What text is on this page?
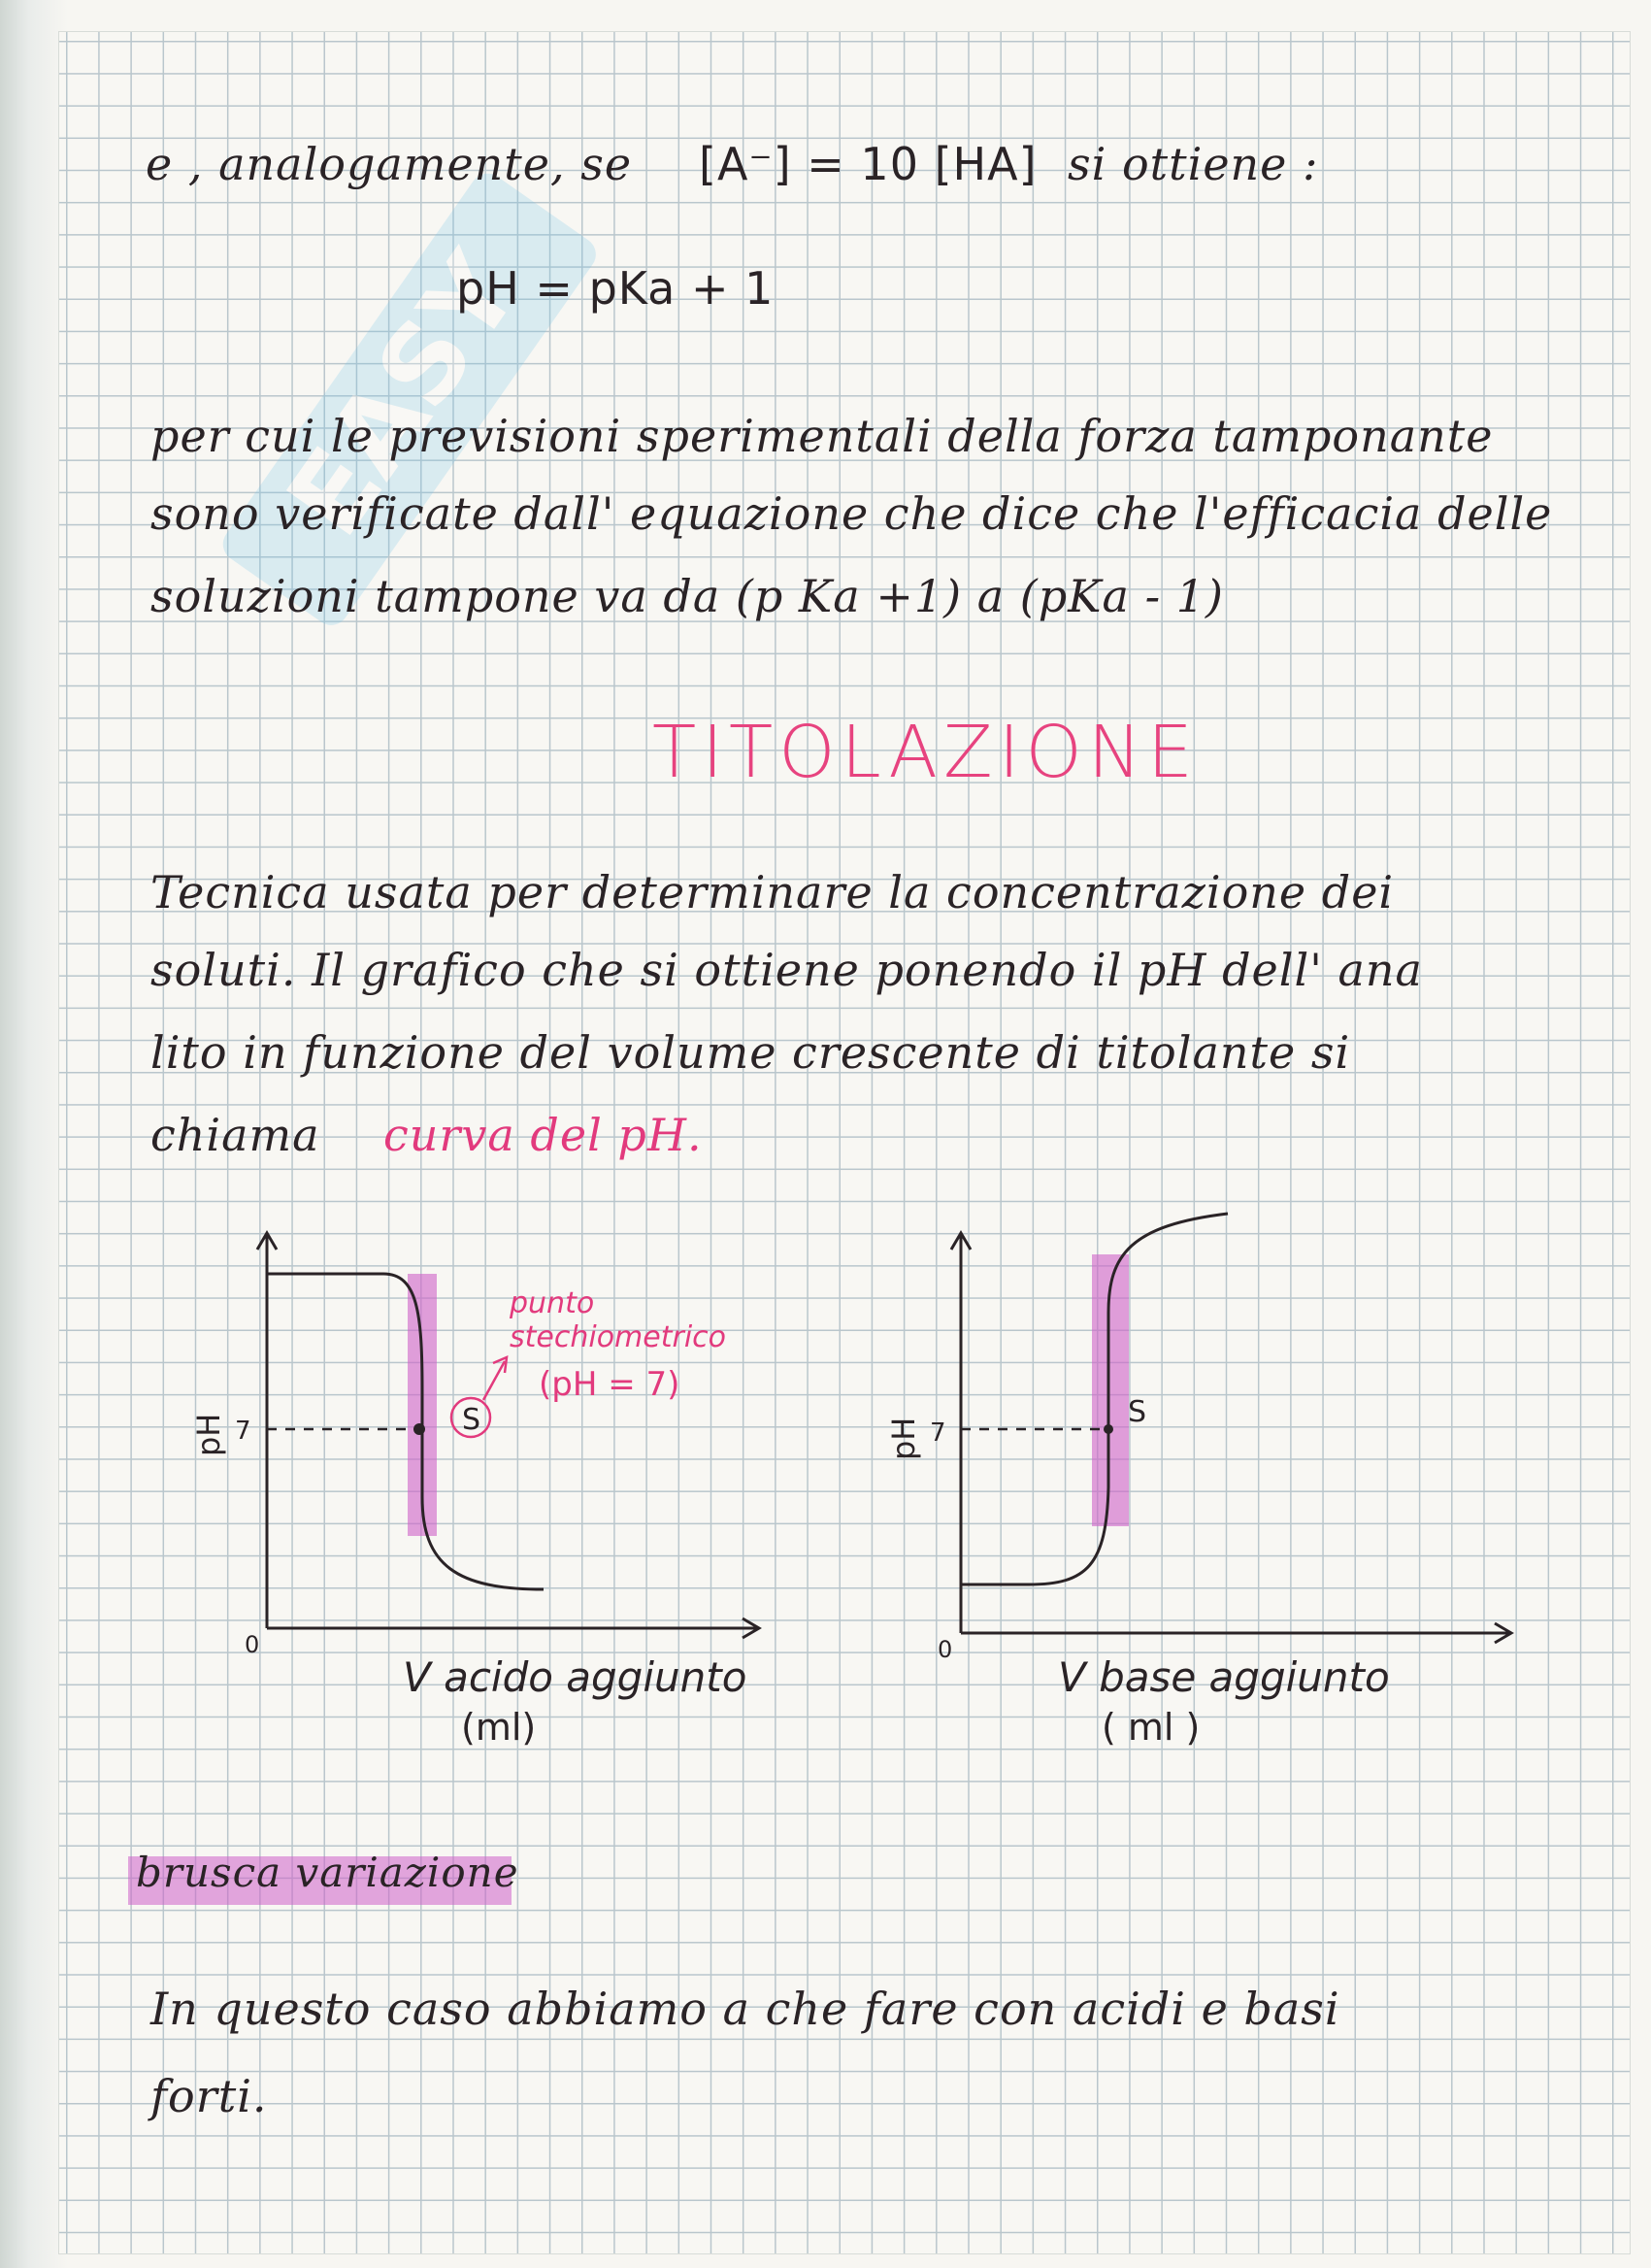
EASY
e , analogamente, se [A⁻] = 10 [HA] si ottiene :
pH = pKa + 1
per cui le previsioni sperimentali della forza tamponante
sono verificate dall' equazione che dice che l'efficacia delle
soluzioni tampone va da (p Ka +1) a (pKa - 1)
TITOLAZIONE
Tecnica usata per determinare la concentrazione dei
soluti. Il grafico che si ottiene ponendo il pH dell' ana
lito in funzione del volume crescente di titolante si
chiama curva del pH.
S
punto
stechiometrico
(pH = 7)
pH 7
0
V acido aggiunto
(ml)
S
pH 7
0
V base aggiunto
( ml )
brusca variazione
In questo caso abbiamo a che fare con acidi e basi
forti.
